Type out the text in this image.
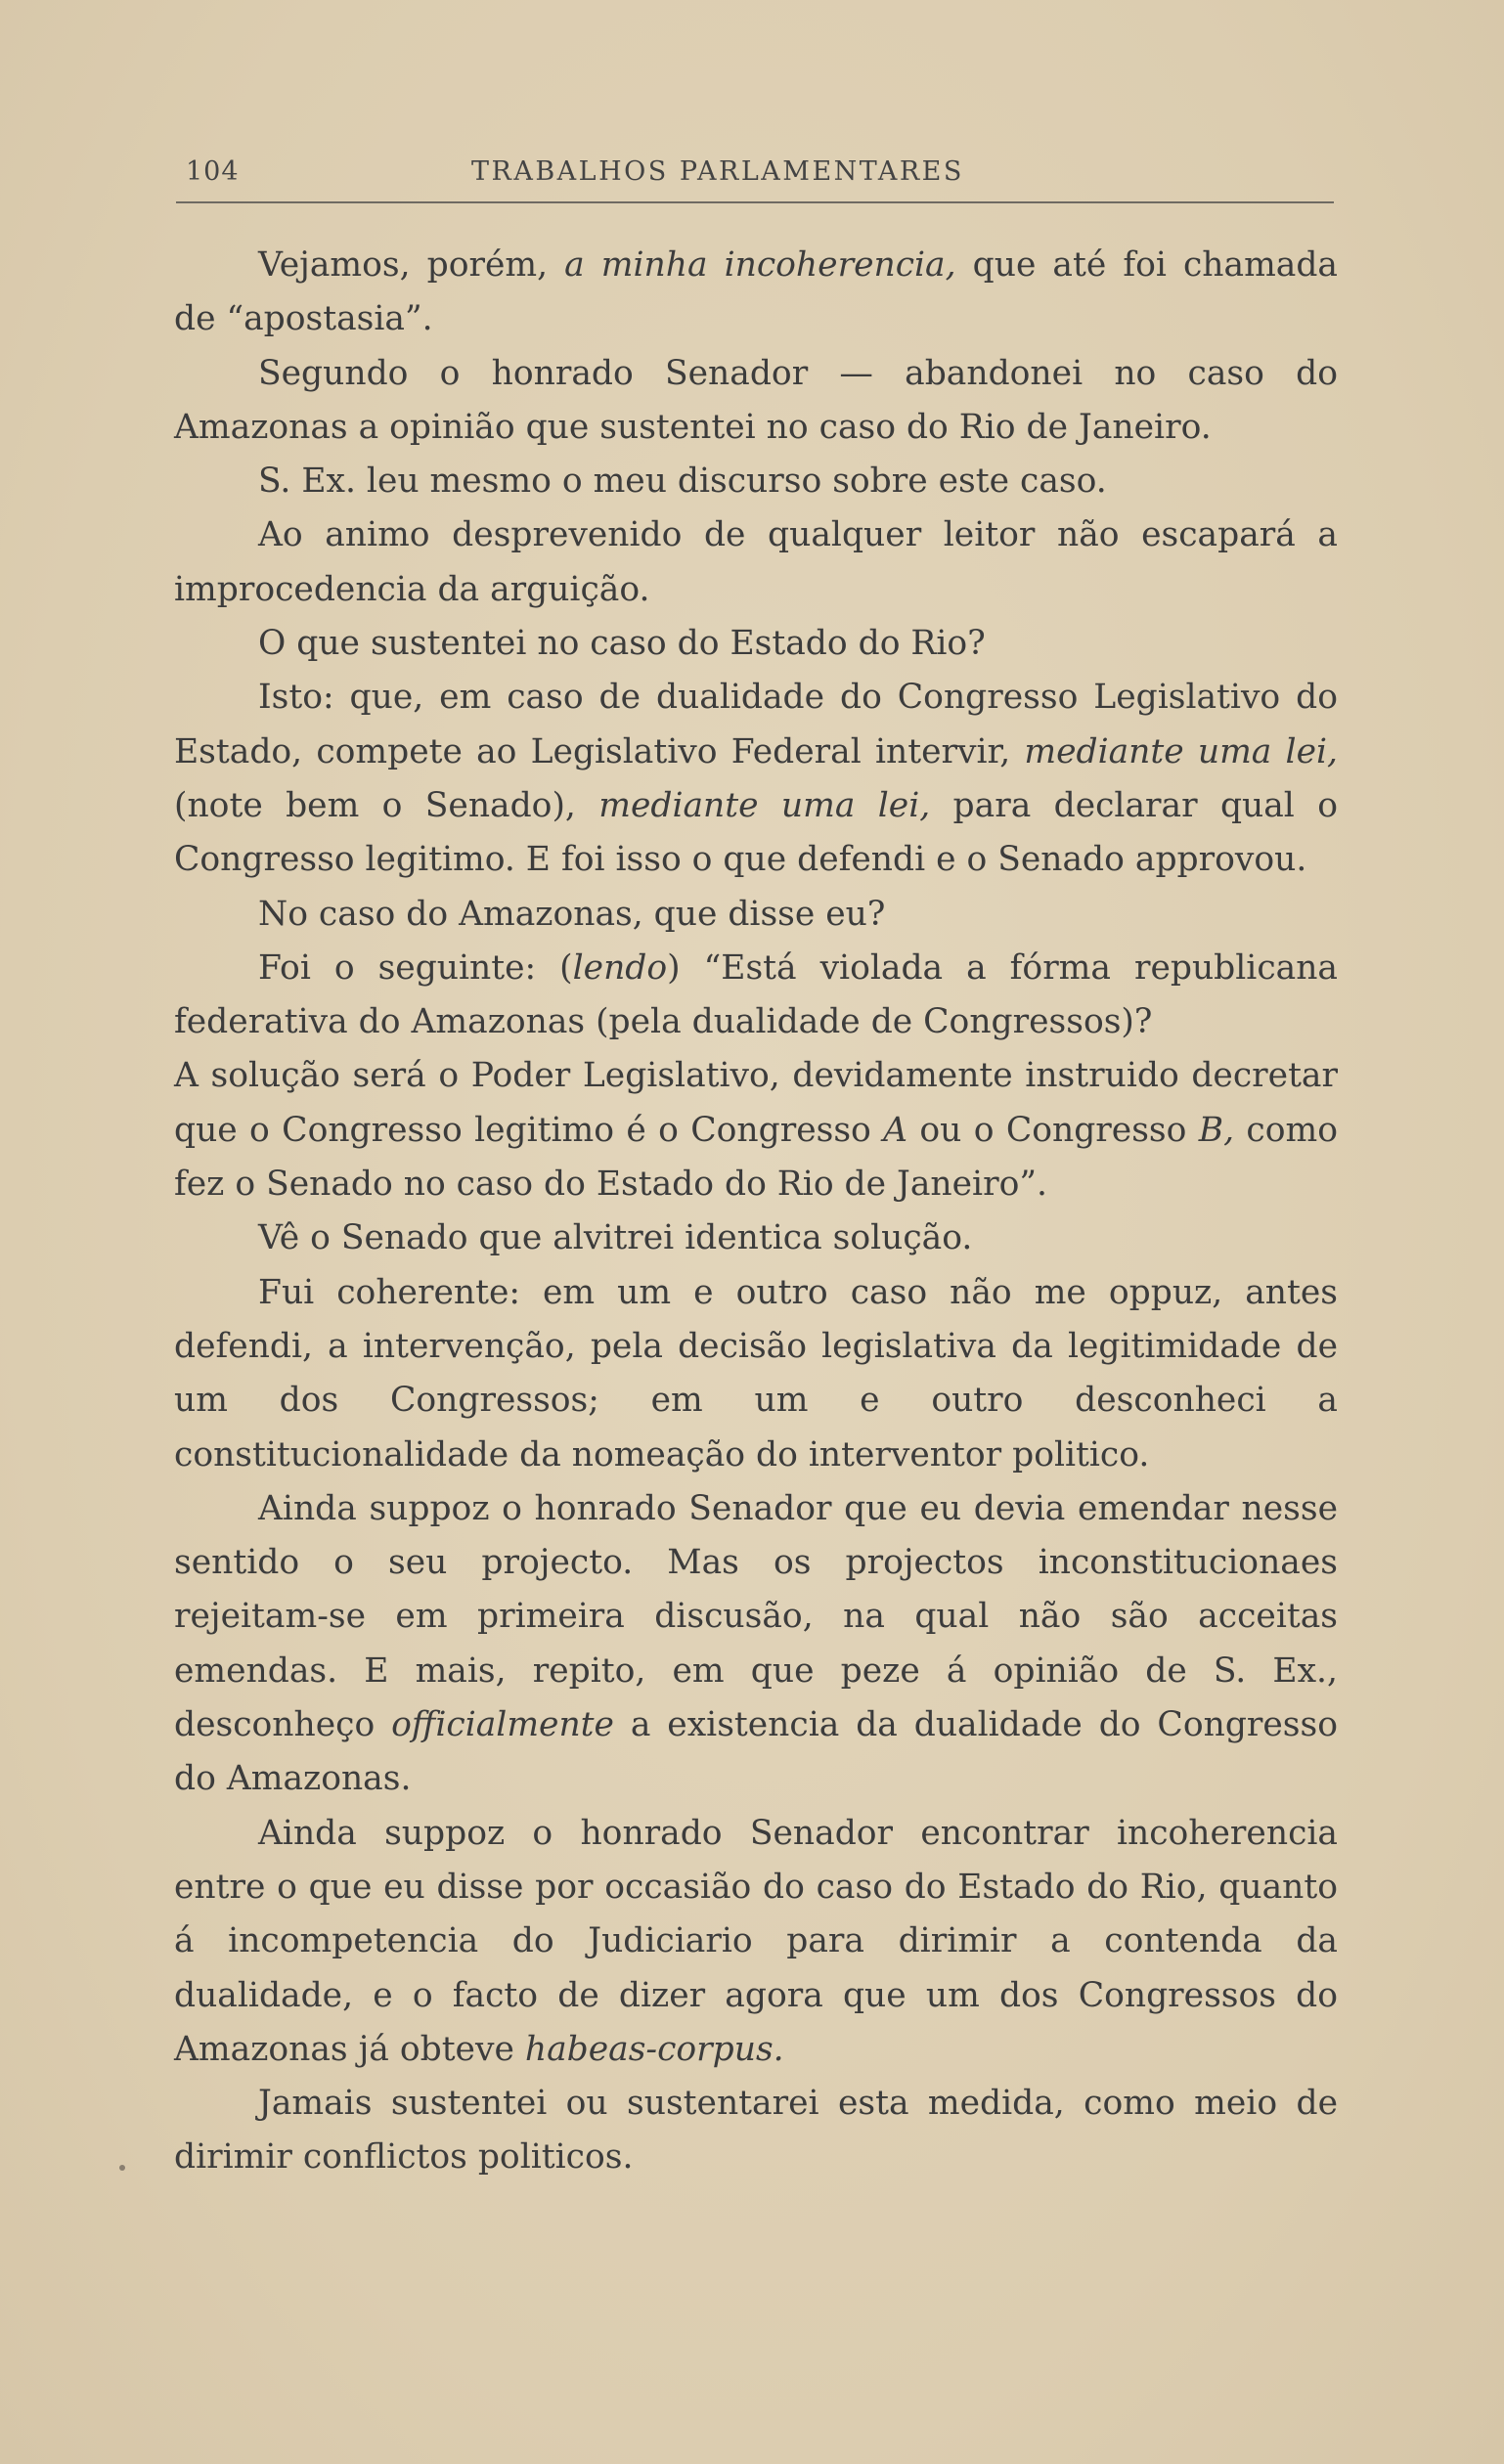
104	TRABALHOS PARLAMENTARES

Vejamos, porém, a minha incoherencia, que até foi chamada de “apostasia”.

Segundo o honrado Senador — abandonei no caso do Amazonas a opinião que sustentei no caso do Rio de Janeiro.

S. Ex. leu mesmo o meu discurso sobre este caso.

Ao animo desprevenido de qualquer leitor não escapará a improcedencia da arguição.

O que sustentei no caso do Estado do Rio?

Isto: que, em caso de dualidade do Congresso Legislativo do Estado, compete ao Legislativo Federal intervir, mediante uma lei, (note bem o Senado), mediante uma lei, para declarar qual o Congresso legitimo. E foi isso o que defendi e o Senado approvou.

No caso do Amazonas, que disse eu?

Foi o seguinte: (lendo) “Está violada a fórma republicana federativa do Amazonas (pela dualidade de Congressos)?

A solução será o Poder Legislativo, devidamente instruido decretar que o Congresso legitimo é o Congresso A ou o Congresso B, como fez o Senado no caso do Estado do Rio de Janeiro”.

Vê o Senado que alvitrei identica solução.

Fui coherente: em um e outro caso não me oppuz, antes defendi, a intervenção, pela decisão legislativa da legitimidade de um dos Congressos; em um e outro desconheci a constitucionalidade da nomeação do interventor politico.

Ainda suppoz o honrado Senador que eu devia emendar nesse sentido o seu projecto. Mas os projectos inconstitucionaes rejeitam-se em primeira discusão, na qual não são acceitas emendas. E mais, repito, em que peze á opinião de S. Ex., desconheço officialmente a existencia da dualidade do Congresso do Amazonas.

Ainda suppoz o honrado Senador encontrar incoherencia entre o que eu disse por occasião do caso do Estado do Rio, quanto á incompetencia do Judiciario para dirimir a contenda da dualidade, e o facto de dizer agora que um dos Congressos do Amazonas já obteve habeas-corpus.

Jamais sustentei ou sustentarei esta medida, como meio de dirimir conflictos politicos.
